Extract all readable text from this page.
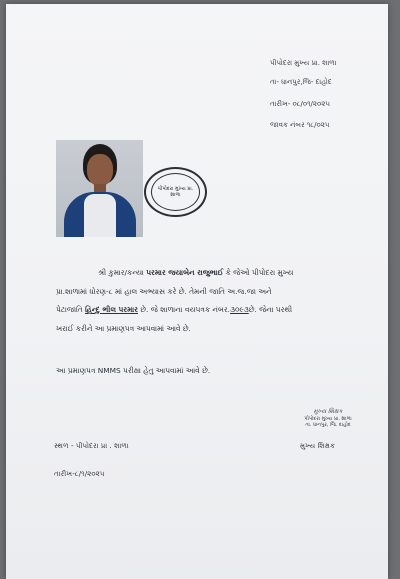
પીપોદરા મુખ્ય પ્રા. શાળા
તા- ધાનપુર,જિ- દાહોદ
તારીખ- ૦૮/૦૧/૨૦૨૫
જાવક નંબર ૧૮/૦૨૫
પીપોદરા મુખ્ય પ્રા. શાળા
શ્રી કુમાર/કન્યા પરમાર જયાબેન રાજુભાઈ કે જેઓ પીપોદરા મુખ્ય
પ્રા.શાળામાં ધોરણ-૮ માં હાલ અભ્યાસ કરે છે. તેમની જાતિ અ.જ.જા અને
પેટાજાતિ હિન્દુ ભીલ પરમાર છે. જે શાળાના વયપત્રક નંબર.૩૦૯૩છે. જેના પરથી
ખરાઈ કરીને આ પ્રમાણપત્ર આપવામાં આવે છે.
આ પ્રમાણપત્ર NMMS પરીક્ષા હેતુ આપવામાં આવે છે.
મુખ્ય શિક્ષક
પીપોદરા મુખ્ય પ્રા. શાળા
તા. ધાનપુર, જિ. દાહોદ
સ્થળ - પીપોદરા પ્રા . શાળા	મુખ્ય શિક્ષક
તારીખ-૮/૧/૨૦૨૫
